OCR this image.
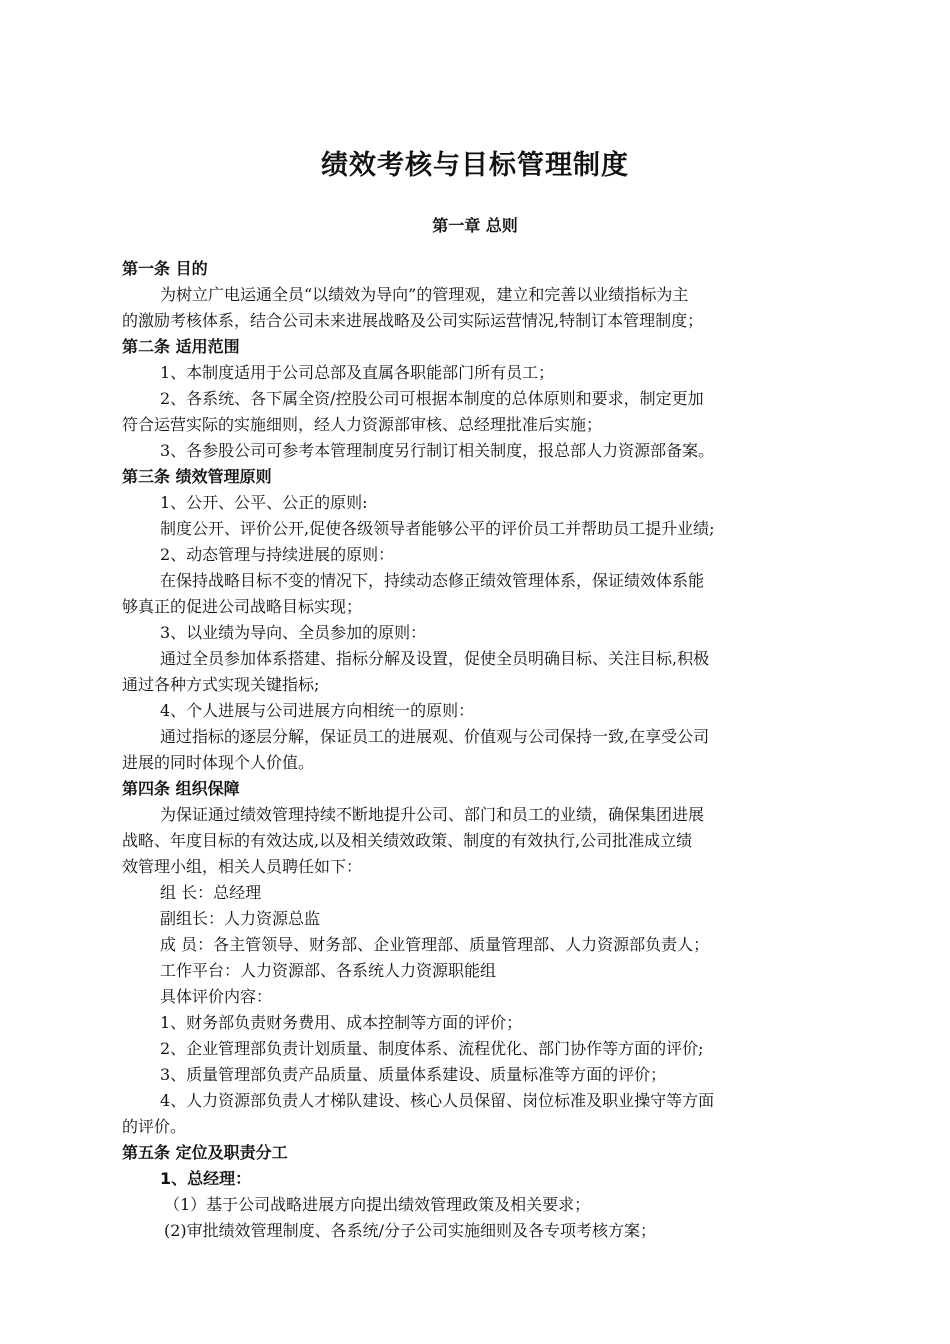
绩效考核与目标管理制度
第一章 总则
第一条 目的
为树立广电运通全员“以绩效为导向”的管理观，建立和完善以业绩指标为主
的激励考核体系，结合公司未来进展战略及公司实际运营情况,特制订本管理制度；
第二条 适用范围
1、本制度适用于公司总部及直属各职能部门所有员工；
2、各系统、各下属全资/控股公司可根据本制度的总体原则和要求，制定更加
符合运营实际的实施细则，经人力资源部审核、总经理批准后实施；
3、各参股公司可参考本管理制度另行制订相关制度，报总部人力资源部备案。
第三条 绩效管理原则
1、公开、公平、公正的原则:
制度公开、评价公开,促使各级领导者能够公平的评价员工并帮助员工提升业绩;
2、动态管理与持续进展的原则：
在保持战略目标不变的情况下，持续动态修正绩效管理体系，保证绩效体系能
够真正的促进公司战略目标实现；
3、以业绩为导向、全员参加的原则：
通过全员参加体系搭建、指标分解及设置，促使全员明确目标、关注目标,积极
通过各种方式实现关键指标;
4、个人进展与公司进展方向相统一的原则：
通过指标的逐层分解，保证员工的进展观、价值观与公司保持一致,在享受公司
进展的同时体现个人价值。
第四条 组织保障
为保证通过绩效管理持续不断地提升公司、部门和员工的业绩，确保集团进展
战略、年度目标的有效达成,以及相关绩效政策、制度的有效执行,公司批准成立绩
效管理小组，相关人员聘任如下：
组 长：总经理
副组长：人力资源总监
成 员：各主管领导、财务部、企业管理部、质量管理部、人力资源部负责人；
工作平台：人力资源部、各系统人力资源职能组
具体评价内容：
1、财务部负责财务费用、成本控制等方面的评价；
2、企业管理部负责计划质量、制度体系、流程优化、部门协作等方面的评价;
3、质量管理部负责产品质量、质量体系建设、质量标准等方面的评价；
4、人力资源部负责人才梯队建设、核心人员保留、岗位标准及职业操守等方面
的评价。
第五条 定位及职责分工
1、总经理：
（1）基于公司战略进展方向提出绩效管理政策及相关要求；
(2)审批绩效管理制度、各系统/分子公司实施细则及各专项考核方案；
